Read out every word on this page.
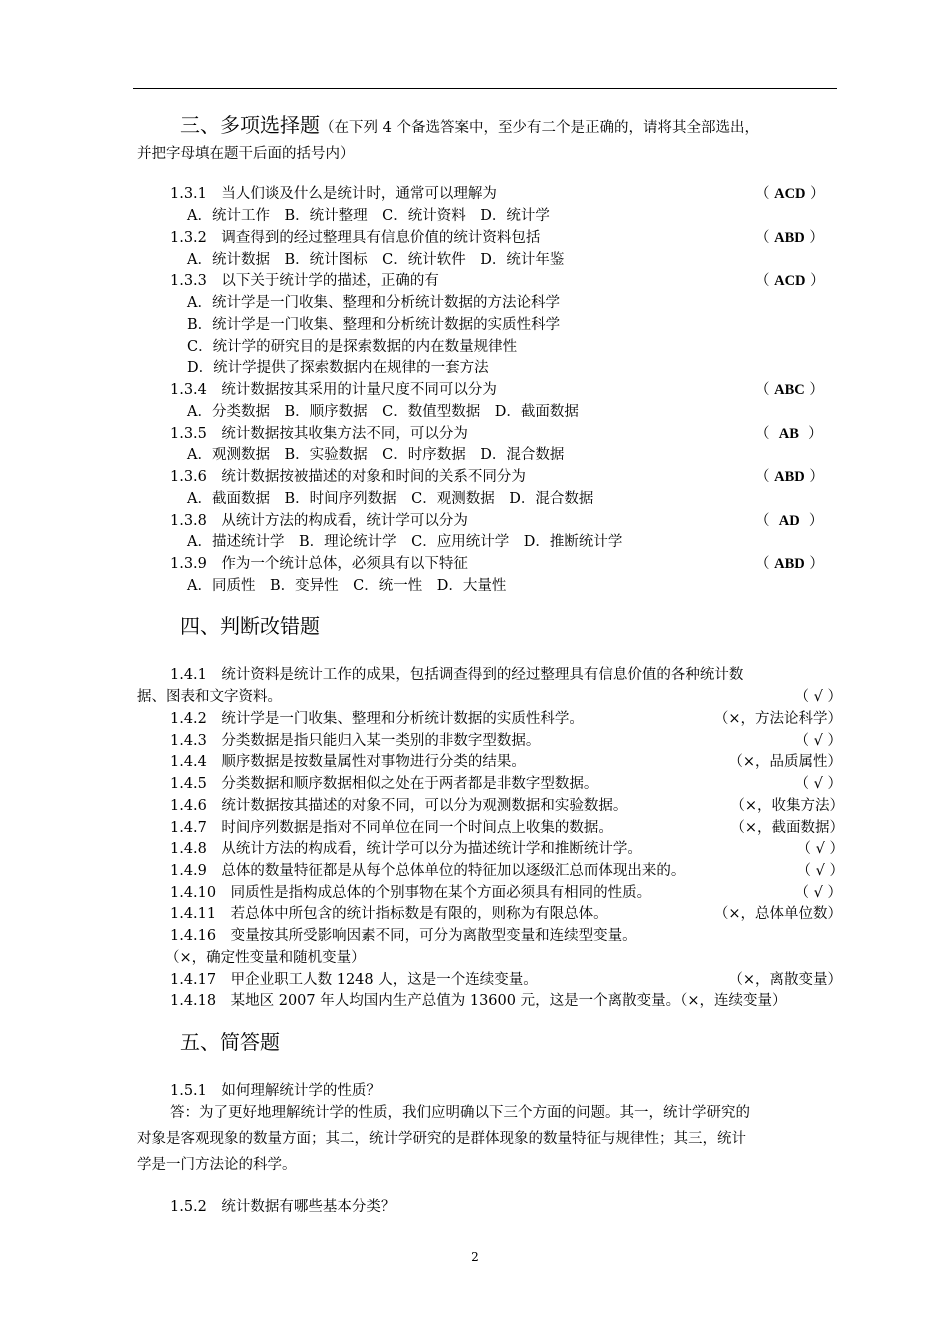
三、多项选择题（在下列 4 个备选答案中，至少有二个是正确的，请将其全部选出，
并把字母填在题干后面的括号内）
1.3.1　当人们谈及什么是统计时，通常可以理解为	（ ACD ）
A．统计工作　B．统计整理　C．统计资料　D．统计学
1.3.2　调查得到的经过整理具有信息价值的统计资料包括	（ ABD ）
A．统计数据　B．统计图标　C．统计软件　D．统计年鉴
1.3.3　以下关于统计学的描述，正确的有	（ ACD ）
A．统计学是一门收集、整理和分析统计数据的方法论科学
B．统计学是一门收集、整理和分析统计数据的实质性科学
C．统计学的研究目的是探索数据的内在数量规律性
D．统计学提供了探索数据内在规律的一套方法
1.3.4　统计数据按其采用的计量尺度不同可以分为	（ ABC ）
A．分类数据　B．顺序数据　C．数值型数据　D．截面数据
1.3.5　统计数据按其收集方法不同，可以分为	（  AB  ）
A．观测数据　B．实验数据　C．时序数据　D．混合数据
1.3.6　统计数据按被描述的对象和时间的关系不同分为	（ ABD ）
A．截面数据　B．时间序列数据　C．观测数据　D．混合数据
1.3.8　从统计方法的构成看，统计学可以分为	（  AD  ）
A．描述统计学　B．理论统计学　C．应用统计学　D．推断统计学
1.3.9　作为一个统计总体，必须具有以下特征	（ ABD ）
A．同质性　B．变异性　C．统一性　D．大量性
四、判断改错题
1.4.1　统计资料是统计工作的成果，包括调查得到的经过整理具有信息价值的各种统计数
据、图表和文字资料。	（ √ ）
1.4.2　统计学是一门收集、整理和分析统计数据的实质性科学。	（×，方法论科学）
1.4.3　分类数据是指只能归入某一类别的非数字型数据。	（ √ ）
1.4.4　顺序数据是按数量属性对事物进行分类的结果。	（×，品质属性）
1.4.5　分类数据和顺序数据相似之处在于两者都是非数字型数据。	（ √ ）
1.4.6　统计数据按其描述的对象不同，可以分为观测数据和实验数据。	（×，收集方法）
1.4.7　时间序列数据是指对不同单位在同一个时间点上收集的数据。	（×，截面数据）
1.4.8　从统计方法的构成看，统计学可以分为描述统计学和推断统计学。	（ √ ）
1.4.9　总体的数量特征都是从每个总体单位的特征加以逐级汇总而体现出来的。	（ √ ）
1.4.10　同质性是指构成总体的个别事物在某个方面必须具有相同的性质。	（ √ ）
1.4.11　若总体中所包含的统计指标数是有限的，则称为有限总体。	（×，总体单位数）
1.4.16　变量按其所受影响因素不同，可分为离散型变量和连续型变量。
（×，确定性变量和随机变量）
1.4.17　甲企业职工人数 1248 人，这是一个连续变量。	（×，离散变量）
1.4.18　某地区 2007 年人均国内生产总值为 13600 元，这是一个离散变量。（×，连续变量）
五、简答题
1.5.1　如何理解统计学的性质？
答：为了更好地理解统计学的性质，我们应明确以下三个方面的问题。其一，统计学研究的
对象是客观现象的数量方面；其二，统计学研究的是群体现象的数量特征与规律性；其三，统计
学是一门方法论的科学。
1.5.2　统计数据有哪些基本分类？
2
